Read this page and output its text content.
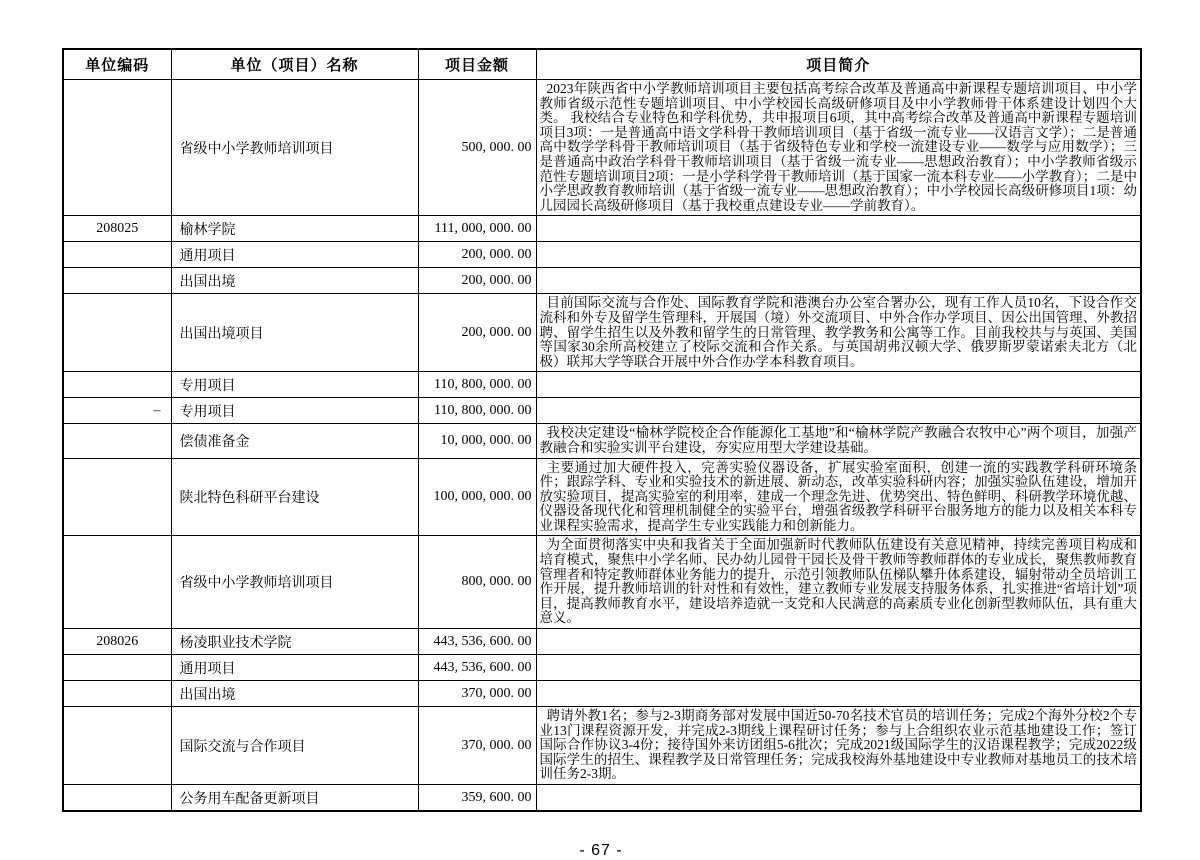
单位编码	单位（项目）名称	项目金额	项目简介
	省级中小学教师培训项目	500, 000. 00	2023年陕西省中小学教师培训项目主要包括高考综合改革及普通高中新课程专题培训项目、中小学教师省级示范性专题培训项目、中小学校园长高级研修项目及中小学教师骨干体系建设计划四个大类。 我校结合专业特色和学科优势，共申报项目6项，其中高考综合改革及普通高中新课程专题培训项目3项：一是普通高中语文学科骨干教师培训项目（基于省级一流专业——汉语言文学）；二是普通高中数学学科骨干教师培训项目（基于省级特色专业和学校一流建设专业——数学与应用数学）；三是普通高中政治学科骨干教师培训项目（基于省级一流专业——思想政治教育）；中小学教师省级示范性专题培训项目2项：一是小学科学骨干教师培训（基于国家一流本科专业——小学教育）；二是中小学思政教育教师培训（基于省级一流专业——思想政治教育）；中小学校园长高级研修项目1项：幼儿园园长高级研修项目（基于我校重点建设专业——学前教育）。
208025	榆林学院	111, 000, 000. 00	
	通用项目	200, 000. 00	
	出国出境	200, 000. 00	
	出国出境项目	200, 000. 00	目前国际交流与合作处、国际教育学院和港澳台办公室合署办公，现有工作人员10名，下设合作交流科和外专及留学生管理科，开展国（境）外交流项目、中外合作办学项目、因公出国管理、外教招聘、留学生招生以及外教和留学生的日常管理、教学教务和公寓等工作。目前我校共与与英国、美国等国家30余所高校建立了校际交流和合作关系。与英国胡弗汉顿大学、俄罗斯罗蒙诺索夫北方（北极）联邦大学等联合开展中外合作办学本科教育项目。
	专用项目	110, 800, 000. 00	
–	专用项目	110, 800, 000. 00	
	偿债准备金	10, 000, 000. 00	我校决定建设“榆林学院校企合作能源化工基地”和“榆林学院产教融合农牧中心”两个项目，加强产教融合和实验实训平台建设，夯实应用型大学建设基础。
	陕北特色科研平台建设	100, 000, 000. 00	主要通过加大硬件投入，完善实验仪器设备，扩展实验室面积，创建一流的实践教学科研环境条件；跟踪学科、专业和实验技术的新进展、新动态，改革实验科研内容；加强实验队伍建设，增加开放实验项目，提高实验室的利用率，建成一个理念先进、优势突出、特色鲜明、科研教学环境优越、仪器设备现代化和管理机制健全的实验平台，增强省级教学科研平台服务地方的能力以及相关本科专业课程实验需求，提高学生专业实践能力和创新能力。
	省级中小学教师培训项目	800, 000. 00	为全面贯彻落实中央和我省关于全面加强新时代教师队伍建设有关意见精神，持续完善项目构成和培育模式，聚焦中小学名师、民办幼儿园骨干园长及骨干教师等教师群体的专业成长，聚焦教师教育管理者和特定教师群体业务能力的提升，示范引领教师队伍梯队攀升体系建设，辐射带动全员培训工作开展，提升教师培训的针对性和有效性，建立教师专业发展支持服务体系，扎实推进“省培计划”项目，提高教师教育水平，建设培养造就一支党和人民满意的高素质专业化创新型教师队伍，具有重大意义。
208026	杨凌职业技术学院	443, 536, 600. 00	
	通用项目	443, 536, 600. 00	
	出国出境	370, 000. 00	
	国际交流与合作项目	370, 000. 00	聘请外教1名；参与2-3期商务部对发展中国近50-70名技术官员的培训任务；完成2个海外分校2个专业13门课程资源开发，并完成2-3期线上课程研讨任务；参与上合组织农业示范基地建设工作；签订国际合作协议3-4份；接待国外来访团组5-6批次；完成2021级国际学生的汉语课程教学；完成2022级国际学生的招生、课程教学及日常管理任务；完成我校海外基地建设中专业教师对基地员工的技术培训任务2-3期。
	公务用车配备更新项目	359, 600. 00	
- 67 -
